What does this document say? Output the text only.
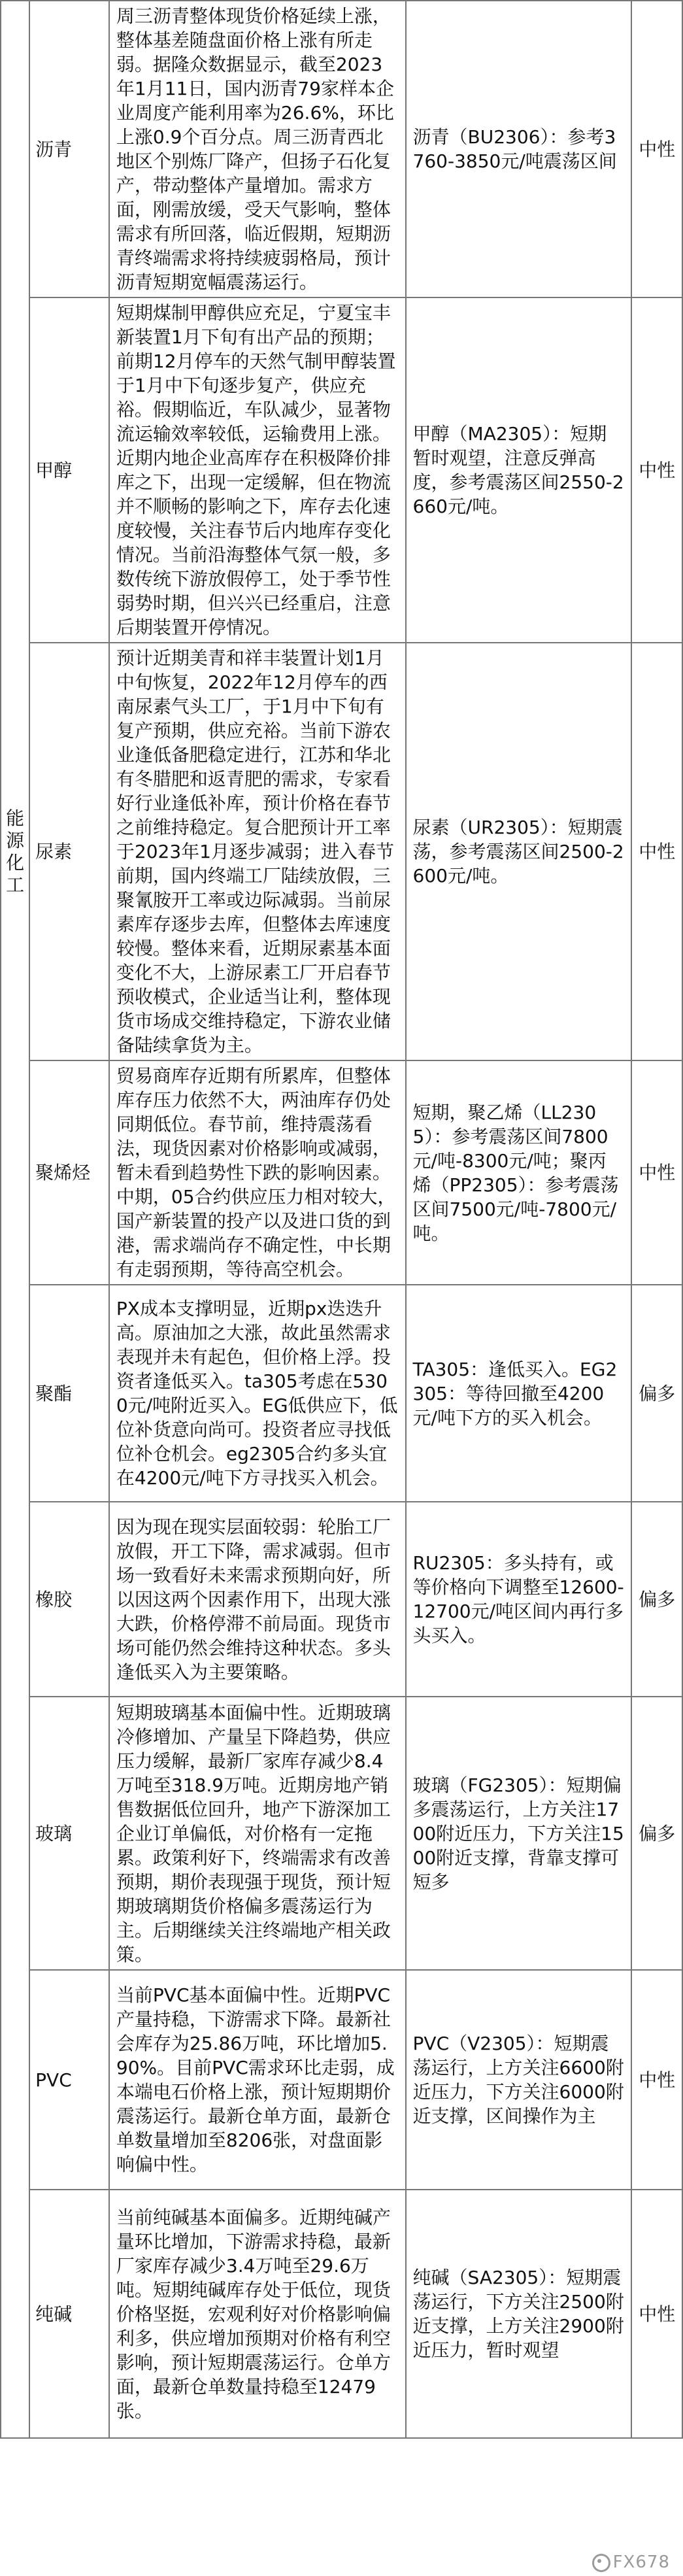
	沥青	周三沥青整体现货价格延续上涨，整体基差随盘面价格上涨有所走弱。据隆众数据显示，截至2023年1月11日，国内沥青79家样本企业周度产能利用率为26.6%，环比上涨0.9个百分点。周三沥青西北地区个别炼厂降产，但扬子石化复产，带动整体产量增加。需求方面，刚需放缓，受天气影响，整体需求有所回落，临近假期，短期沥青终端需求将持续疲弱格局，预计沥青短期宽幅震荡运行。	沥青（BU2306）：参考3760-3850元/吨震荡区间	中性
	甲醇	短期煤制甲醇供应充足，宁夏宝丰新装置1月下旬有出产品的预期；前期12月停车的天然气制甲醇装置于1月中下旬逐步复产，供应充裕。假期临近，车队减少，显著物流运输效率较低，运输费用上涨。近期内地企业高库存在积极降价排库之下，出现一定缓解，但在物流并不顺畅的影响之下，库存去化速度较慢，关注春节后内地库存变化情况。当前沿海整体气氛一般，多数传统下游放假停工，处于季节性弱势时期，但兴兴已经重启，注意后期装置开停情况。	甲醇（MA2305）：短期暂时观望，注意反弹高度，参考震荡区间2550-2660元/吨。	中性
能源化工	尿素	预计近期美青和祥丰装置计划1月中旬恢复，2022年12月停车的西南尿素气头工厂，于1月中下旬有复产预期，供应充裕。当前下游农业逢低备肥稳定进行，江苏和华北有冬腊肥和返青肥的需求，专家看好行业逢低补库，预计价格在春节之前维持稳定。复合肥预计开工率于2023年1月逐步减弱；进入春节前期，国内终端工厂陆续放假，三聚氰胺开工率或边际减弱。当前尿素库存逐步去库，但整体去库速度较慢。整体来看，近期尿素基本面变化不大，上游尿素工厂开启春节预收模式，企业适当让利，整体现货市场成交维持稳定，下游农业储备陆续拿货为主。	尿素（UR2305）：短期震荡，参考震荡区间2500-2600元/吨。	中性
	聚烯烃	贸易商库存近期有所累库，但整体库存压力依然不大，两油库存仍处同期低位。春节前，维持震荡看法，现货因素对价格影响或减弱，暂未看到趋势性下跌的影响因素。中期，05合约供应压力相对较大，国产新装置的投产以及进口货的到港，需求端尚存不确定性，中长期有走弱预期，等待高空机会。	短期，聚乙烯（LL2305）：参考震荡区间7800元/吨-8300元/吨；聚丙烯（PP2305）：参考震荡区间7500元/吨-7800元/吨。	中性
	聚酯	PX成本支撑明显，近期px迭迭升高。原油加之大涨，故此虽然需求表现并未有起色，但价格上浮。投资者逢低买入。ta305考虑在5300元/吨附近买入。EG低供应下，低位补货意向尚可。投资者应寻找低位补仓机会。eg2305合约多头宜在4200元/吨下方寻找买入机会。	TA305：逢低买入。EG2305：等待回撤至4200元/吨下方的买入机会。	偏多
	橡胶	因为现在现实层面较弱：轮胎工厂放假，开工下降，需求减弱。但市场一致看好未来需求预期向好，所以因这两个因素作用下，出现大涨大跌，价格停滞不前局面。现货市场可能仍然会维持这种状态。多头逢低买入为主要策略。	RU2305：多头持有，或等价格向下调整至12600-12700元/吨区间内再行多头买入。	偏多
	玻璃	短期玻璃基本面偏中性。近期玻璃冷修增加、产量呈下降趋势，供应压力缓解，最新厂家库存减少8.4万吨至318.9万吨。近期房地产销售数据低位回升，地产下游深加工企业订单偏低，对价格有一定拖累。政策利好下，终端需求有改善预期，期价表现强于现货，预计短期玻璃期货价格偏多震荡运行为主。后期继续关注终端地产相关政策。	玻璃（FG2305）：短期偏多震荡运行，上方关注1700附近压力，下方关注1500附近支撑，背靠支撑可短多	偏多
	PVC	当前PVC基本面偏中性。近期PVC产量持稳，下游需求下降。最新社会库存为25.86万吨，环比增加5.90%。目前PVC需求环比走弱，成本端电石价格上涨，预计短期期价震荡运行。最新仓单方面，最新仓单数量增加至8206张，对盘面影响偏中性。	PVC（V2305）：短期震荡运行，上方关注6600附近压力，下方关注6000附近支撑，区间操作为主	中性
	纯碱	当前纯碱基本面偏多。近期纯碱产量环比增加，下游需求持稳，最新厂家库存减少3.4万吨至29.6万吨。短期纯碱库存处于低位，现货价格坚挺，宏观利好对价格影响偏利多，供应增加预期对价格有利空影响，预计短期震荡运行。仓单方面，最新仓单数量持稳至12479张。	纯碱（SA2305）：短期震荡运行，下方关注2500附近支撑，上方关注2900附近压力，暂时观望	中性
FX678
